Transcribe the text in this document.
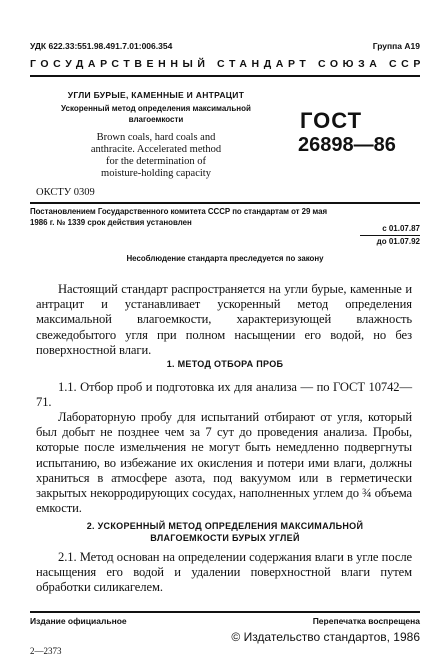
УДК 622.33:551.98.491.7.01:006.354	Группа А19
ГОСУДАРСТВЕННЫЙ СТАНДАРТ СОЮЗА ССР
УГЛИ БУРЫЕ, КАМЕННЫЕ И АНТРАЦИТ
Ускоренный метод определения максимальной
влагоемкости
Brown coals, hard coals and
anthracite. Accelerated method
for the determination of
moisture-holding capacity
ОКСТУ 0309
ГОСТ
26898—86
Постановлением Государственного комитета СССР по стандартам от 29 мая
1986 г. № 1339 срок действия установлен
с 01.07.87
до 01.07.92
Несоблюдение стандарта преследуется по закону
Настоящий стандарт распространяется на угли бурые, каменные и антрацит и устанавливает ускоренный метод определения максимальной влагоемкости, характеризующей влажность свежедобытого угля при полном насыщении его водой, но без поверхностной влаги.
1. МЕТОД ОТБОРА ПРОБ
1.1. Отбор проб и подготовка их для анализа — по ГОСТ 10742—71.
Лабораторную пробу для испытаний отбирают от угля, который был добыт не позднее чем за 7 сут до проведения анализа. Пробы, которые после измельчения не могут быть немедленно подвергнуты испытанию, во избежание их окисления и потери ими влаги, должны храниться в атмосфере азота, под вакуумом или в герметически закрытых некорродирующих сосудах, наполненных углем до ¾ объема емкости.
2. УСКОРЕННЫЙ МЕТОД ОПРЕДЕЛЕНИЯ МАКСИМАЛЬНОЙ
ВЛАГОЕМКОСТИ БУРЫХ УГЛЕЙ
2.1. Метод основан на определении содержания влаги в угле после насыщения его водой и удалении поверхностной влаги путем обработки силикагелем.
Издание официальное	Перепечатка воспрещена
© Издательство стандартов, 1986
2—2373
